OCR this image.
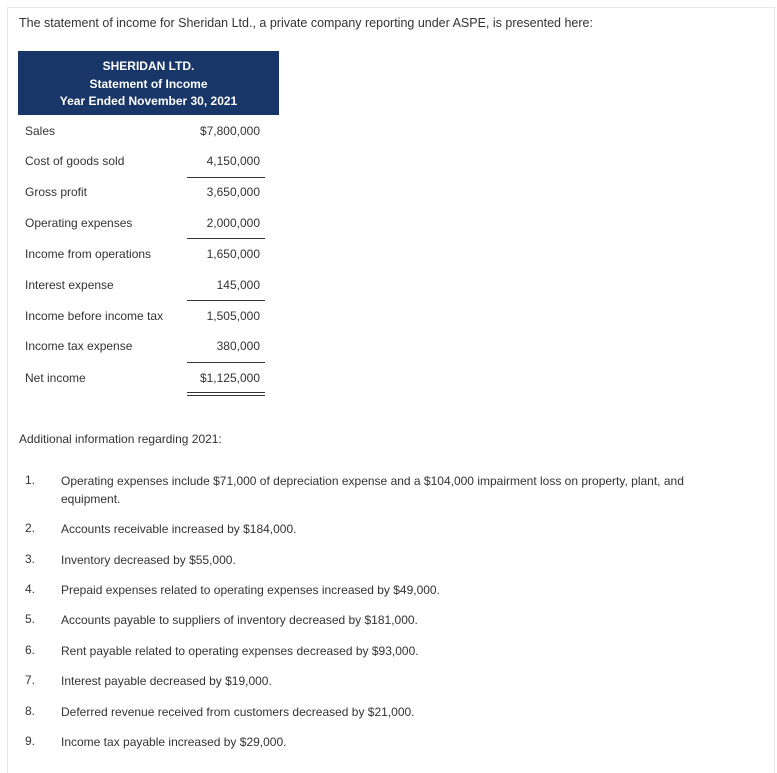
The statement of income for Sheridan Ltd., a private company reporting under ASPE, is presented here:
SHERIDAN LTD.
Statement of Income
Year Ended November 30, 2021
Sales	$7,800,000
Cost of goods sold	4,150,000
Gross profit	3,650,000
Operating expenses	2,000,000
Income from operations	1,650,000
Interest expense	145,000
Income before income tax	1,505,000
Income tax expense	380,000
Net income	$1,125,000
Additional information regarding 2021:
1. Operating expenses include $71,000 of depreciation expense and a $104,000 impairment loss on property, plant, and equipment.
2. Accounts receivable increased by $184,000.
3. Inventory decreased by $55,000.
4. Prepaid expenses related to operating expenses increased by $49,000.
5. Accounts payable to suppliers of inventory decreased by $181,000.
6. Rent payable related to operating expenses decreased by $93,000.
7. Interest payable decreased by $19,000.
8. Deferred revenue received from customers decreased by $21,000.
9. Income tax payable increased by $29,000.
